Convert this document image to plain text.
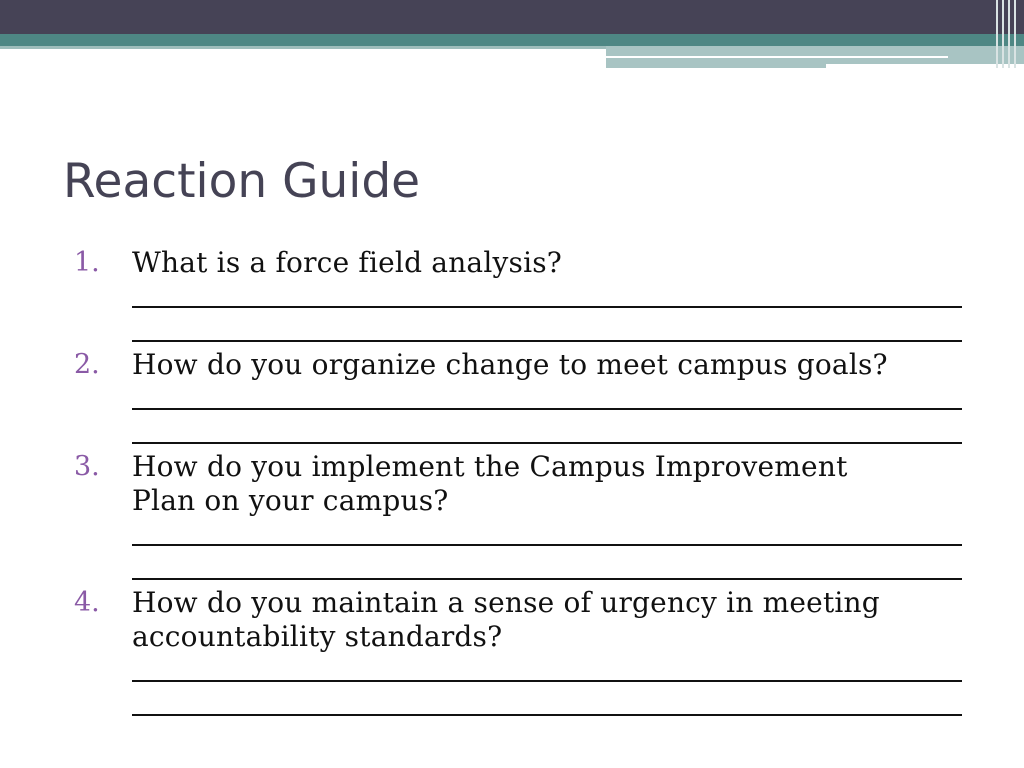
Reaction Guide
1. What is a force field analysis?
2. How do you organize change to meet campus goals?
3. How do you implement the Campus Improvement Plan on your campus?
4. How do you maintain a sense of urgency in meeting accountability standards?
